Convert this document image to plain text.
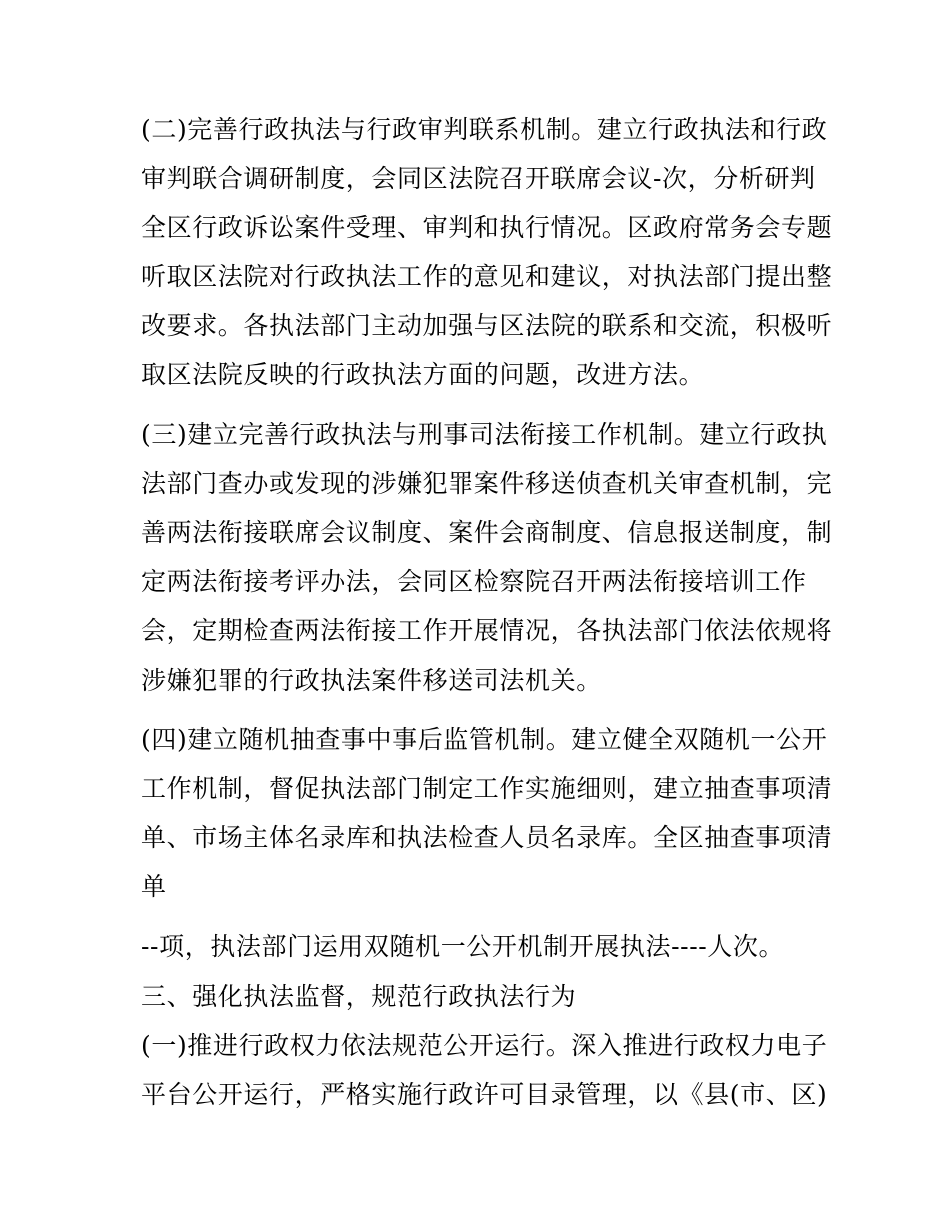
(二)完善行政执法与行政审判联系机制。建立行政执法和行政
审判联合调研制度，会同区法院召开联席会议-次，分析研判
全区行政诉讼案件受理、审判和执行情况。区政府常务会专题
听取区法院对行政执法工作的意见和建议，对执法部门提出整
改要求。各执法部门主动加强与区法院的联系和交流，积极听
取区法院反映的行政执法方面的问题，改进方法。
(三)建立完善行政执法与刑事司法衔接工作机制。建立行政执
法部门查办或发现的涉嫌犯罪案件移送侦查机关审查机制，完
善两法衔接联席会议制度、案件会商制度、信息报送制度，制
定两法衔接考评办法，会同区检察院召开两法衔接培训工作
会，定期检查两法衔接工作开展情况，各执法部门依法依规将
涉嫌犯罪的行政执法案件移送司法机关。
(四)建立随机抽查事中事后监管机制。建立健全双随机一公开
工作机制，督促执法部门制定工作实施细则，建立抽查事项清
单、市场主体名录库和执法检查人员名录库。全区抽查事项清
单
--项，执法部门运用双随机一公开机制开展执法----人次。
三、强化执法监督，规范行政执法行为
(一)推进行政权力依法规范公开运行。深入推进行政权力电子
平台公开运行，严格实施行政许可目录管理，以《县(市、区)
